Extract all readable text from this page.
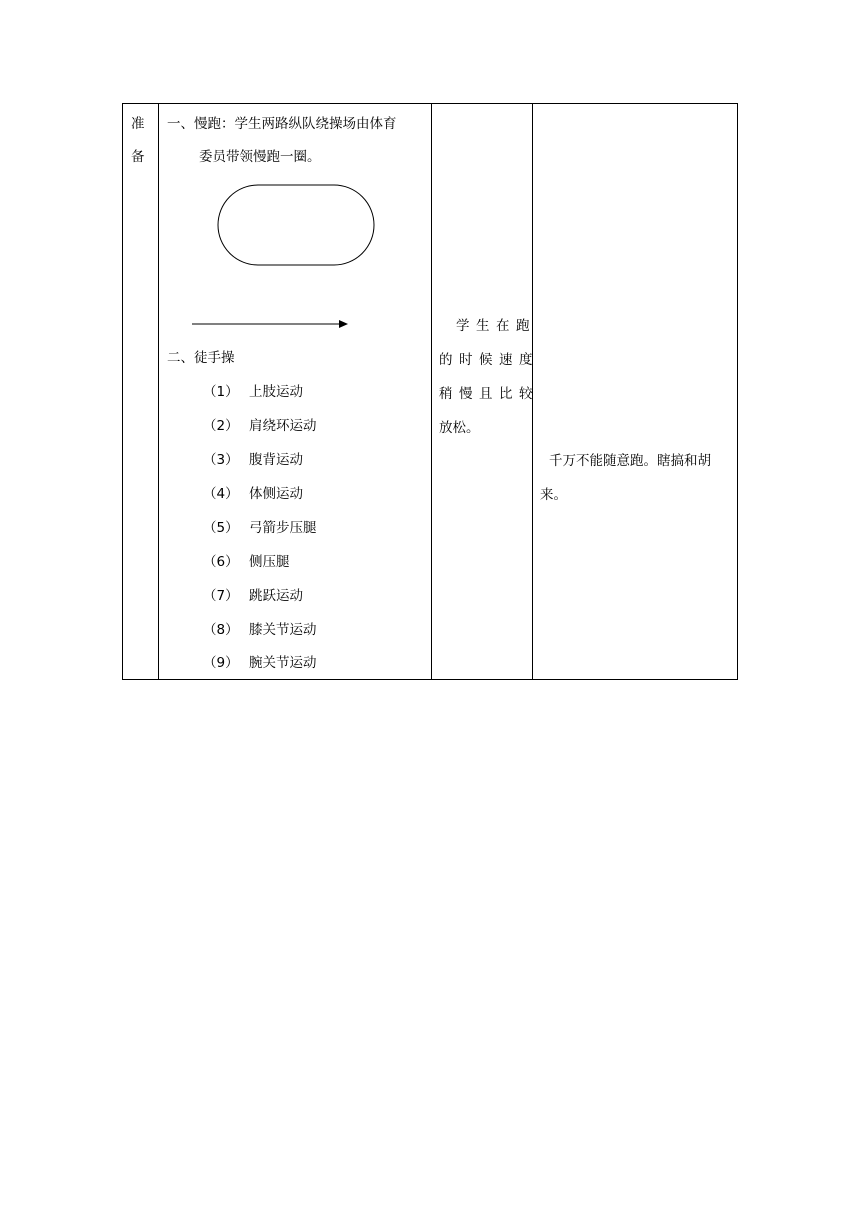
准
备
一、慢跑：学生两路纵队绕操场由体育
委员带领慢跑一圈。
二、徒手操
（1） 上肢运动
（2） 肩绕环运动
（3） 腹背运动
（4） 体侧运动
（5） 弓箭步压腿
（6） 侧压腿
（7） 跳跃运动
（8） 膝关节运动
（9） 腕关节运动
学生在跑
的时候速度
稍慢且比较
放松。
千万不能随意跑。瞎搞和胡
来。
